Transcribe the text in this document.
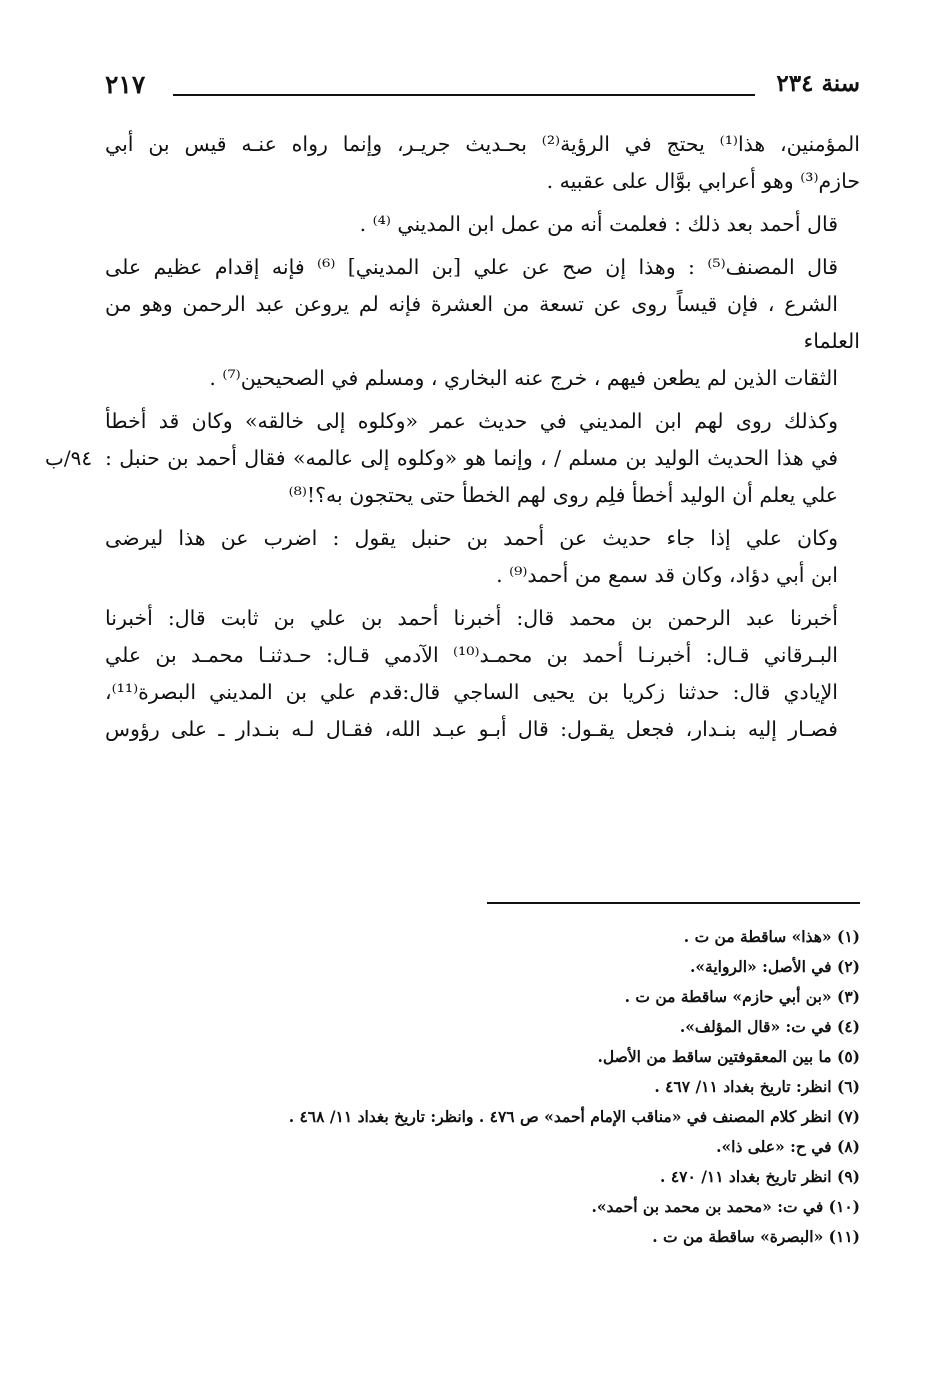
سنة ٢٣٤
٢١٧

المؤمنين، هذا⁽¹⁾ يحتج في الرؤية⁽²⁾ بحـديث جريـر، وإنما رواه عنـه قيس بن أبي
حازم⁽³⁾ وهو أعرابي بوَّال على عقبيه .

قال أحمد بعد ذلك : فعلمت أنه من عمل ابن المديني ⁽⁴⁾ .

قال المصنف⁽⁵⁾ : وهذا إن صح عن علي [بن المديني] ⁽⁶⁾ فإنه إقدام عظيم على
الشرع ، فإن قيساً روى عن تسعة من العشرة فإنه لم يروعن عبد الرحمن وهو من العلماء
الثقات الذين لم يطعن فيهم ، خرج عنه البخاري ، ومسلم في الصحيحين⁽⁷⁾ .

وكذلك روى لهم ابن المديني في حديث عمر «وكلوه إلى خالقه» وكان قد أخطأ
في هذا الحديث الوليد بن مسلم / ، وإنما هو «وكلوه إلى عالمه» فقال أحمد بن حنبل :
٩٤/ب
علي يعلم أن الوليد أخطأ فلِم روى لهم الخطأ حتى يحتجون به؟!⁽⁸⁾

وكان علي إذا جاء حديث عن أحمد بن حنبل يقول : اضرب عن هذا ليرضى
ابن أبي دؤاد، وكان قد سمع من أحمد⁽⁹⁾ .

أخبرنا عبد الرحمن بن محمد قال: أخبرنا أحمد بن علي بن ثابت قال: أخبرنا
البـرقاني قـال: أخبرنـا أحمد بن محمـد⁽¹⁰⁾ الآدمي قـال: حـدثنـا محمـد بن علي
الإيادي قال: حدثنا زكريا بن يحيى الساجي قال:قدم علي بن المديني البصرة⁽¹¹⁾،
فصـار إليه بنـدار، فجعل يقـول: قال أبـو عبـد الله، فقـال لـه بنـدار ـ على رؤوس

(١) «هذا» ساقطة من ت .
(٢) في الأصل: «الرواية».
(٣) «بن أبي حازم» ساقطة من ت .
(٤) في ت: «قال المؤلف».
(٥) ما بين المعقوفتين ساقط من الأصل.
(٦) انظر: تاريخ بغداد ١١/ ٤٦٧ .
(٧) انظر كلام المصنف في «مناقب الإمام أحمد» ص ٤٧٦ . وانظر: تاريخ بغداد ١١/ ٤٦٨ .
(٨) في ح: «على ذا».
(٩) انظر تاريخ بغداد ١١/ ٤٧٠ .
(١٠) في ت: «محمد بن محمد بن أحمد».
(١١) «البصرة» ساقطة من ت .
